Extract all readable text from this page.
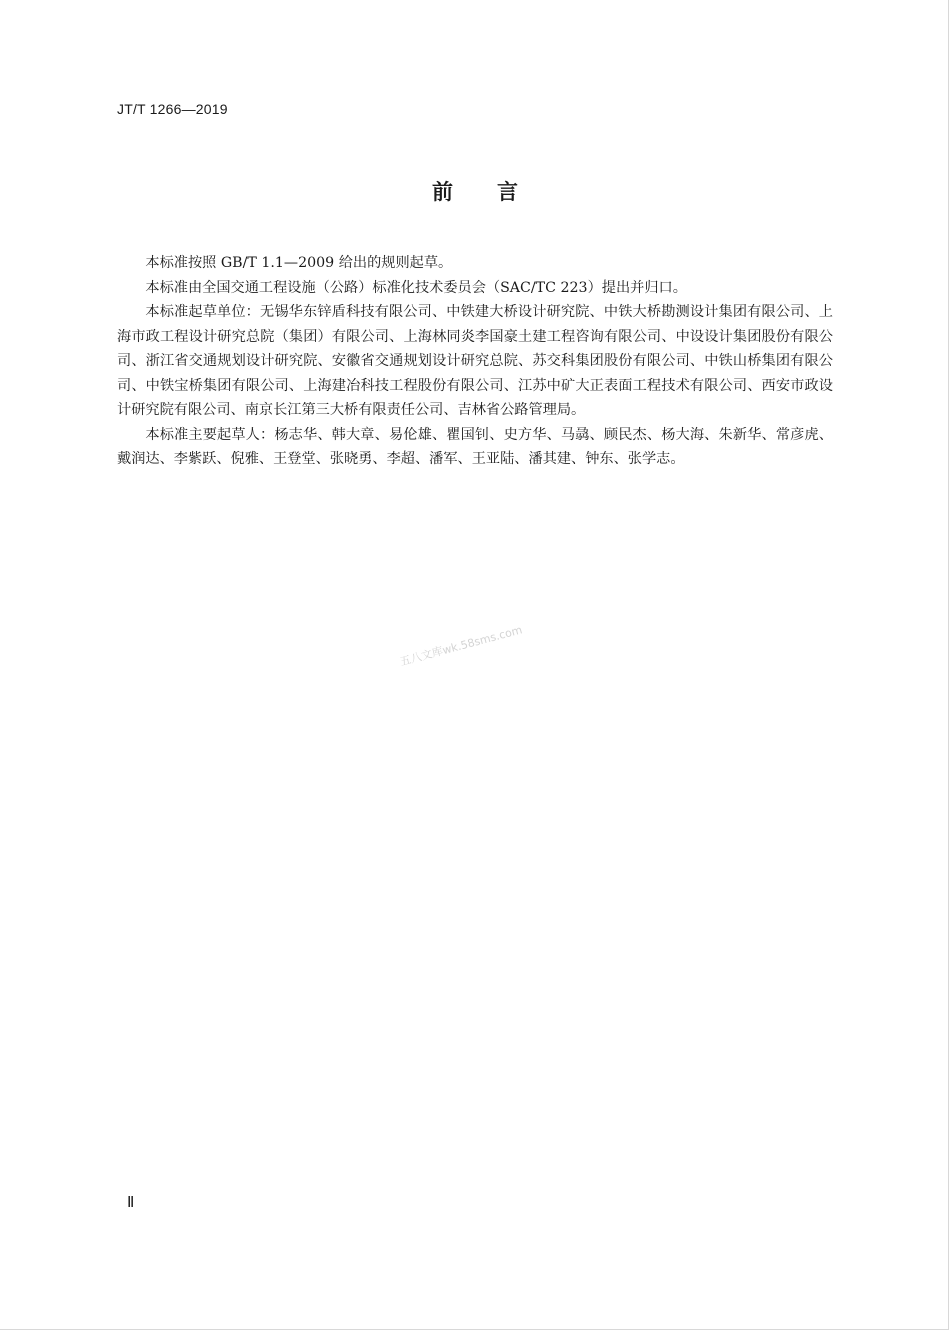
JT/T 1266—2019
前言

本标准按照 GB/T 1.1—2009 给出的规则起草。

本标准由全国交通工程设施（公路）标准化技术委员会（SAC/TC 223）提出并归口。

本标准起草单位：无锡华东锌盾科技有限公司、中铁建大桥设计研究院、中铁大桥勘测设计集团有限公司、上海市政工程设计研究总院（集团）有限公司、上海林同炎李国豪土建工程咨询有限公司、中设设计集团股份有限公司、浙江省交通规划设计研究院、安徽省交通规划设计研究总院、苏交科集团股份有限公司、中铁山桥集团有限公司、中铁宝桥集团有限公司、上海建冶科技工程股份有限公司、江苏中矿大正表面工程技术有限公司、西安市政设计研究院有限公司、南京长江第三大桥有限责任公司、吉林省公路管理局。

本标准主要起草人：杨志华、韩大章、易伦雄、瞿国钊、史方华、马骉、顾民杰、杨大海、朱新华、常彦虎、戴润达、李紫跃、倪雅、王登堂、张晓勇、李超、潘军、王亚陆、潘其建、钟东、张学志。

五八文库wk.58sms.com
Ⅱ
